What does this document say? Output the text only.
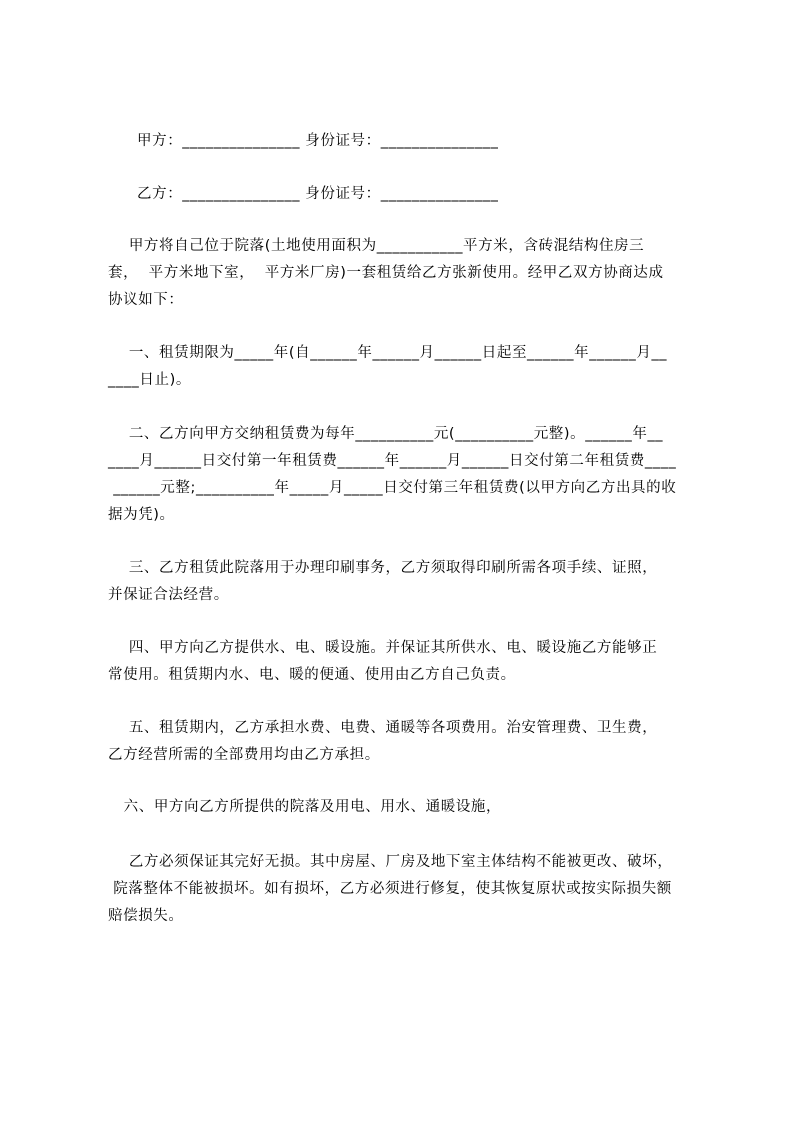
甲方：_______________ 身份证号：_______________
乙方：_______________ 身份证号：_______________
甲方将自己位于院落(土地使用面积为___________平方米，含砖混结构住房三
套，  平方米地下室，  平方米厂房)一套租赁给乙方张新使用。经甲乙双方协商达成
协议如下：
一、租赁期限为_____年(自______年______月______日起至______年______月__
____日止)。
二、乙方向甲方交纳租赁费为每年__________元(__________元整)。______年__
____月______日交付第一年租赁费______年______月______日交付第二年租赁费____
______元整;__________年_____月_____日交付第三年租赁费(以甲方向乙方出具的收
据为凭)。
三、乙方租赁此院落用于办理印刷事务，乙方须取得印刷所需各项手续、证照，
并保证合法经营。
四、甲方向乙方提供水、电、暖设施。并保证其所供水、电、暖设施乙方能够正
常使用。租赁期内水、电、暖的便通、使用由乙方自己负责。
五、租赁期内，乙方承担水费、电费、通暖等各项费用。治安管理费、卫生费，
乙方经营所需的全部费用均由乙方承担。
六、甲方向乙方所提供的院落及用电、用水、通暖设施，
乙方必须保证其完好无损。其中房屋、厂房及地下室主体结构不能被更改、破坏，
院落整体不能被损坏。如有损坏，乙方必须进行修复，使其恢复原状或按实际损失额
赔偿损失。
